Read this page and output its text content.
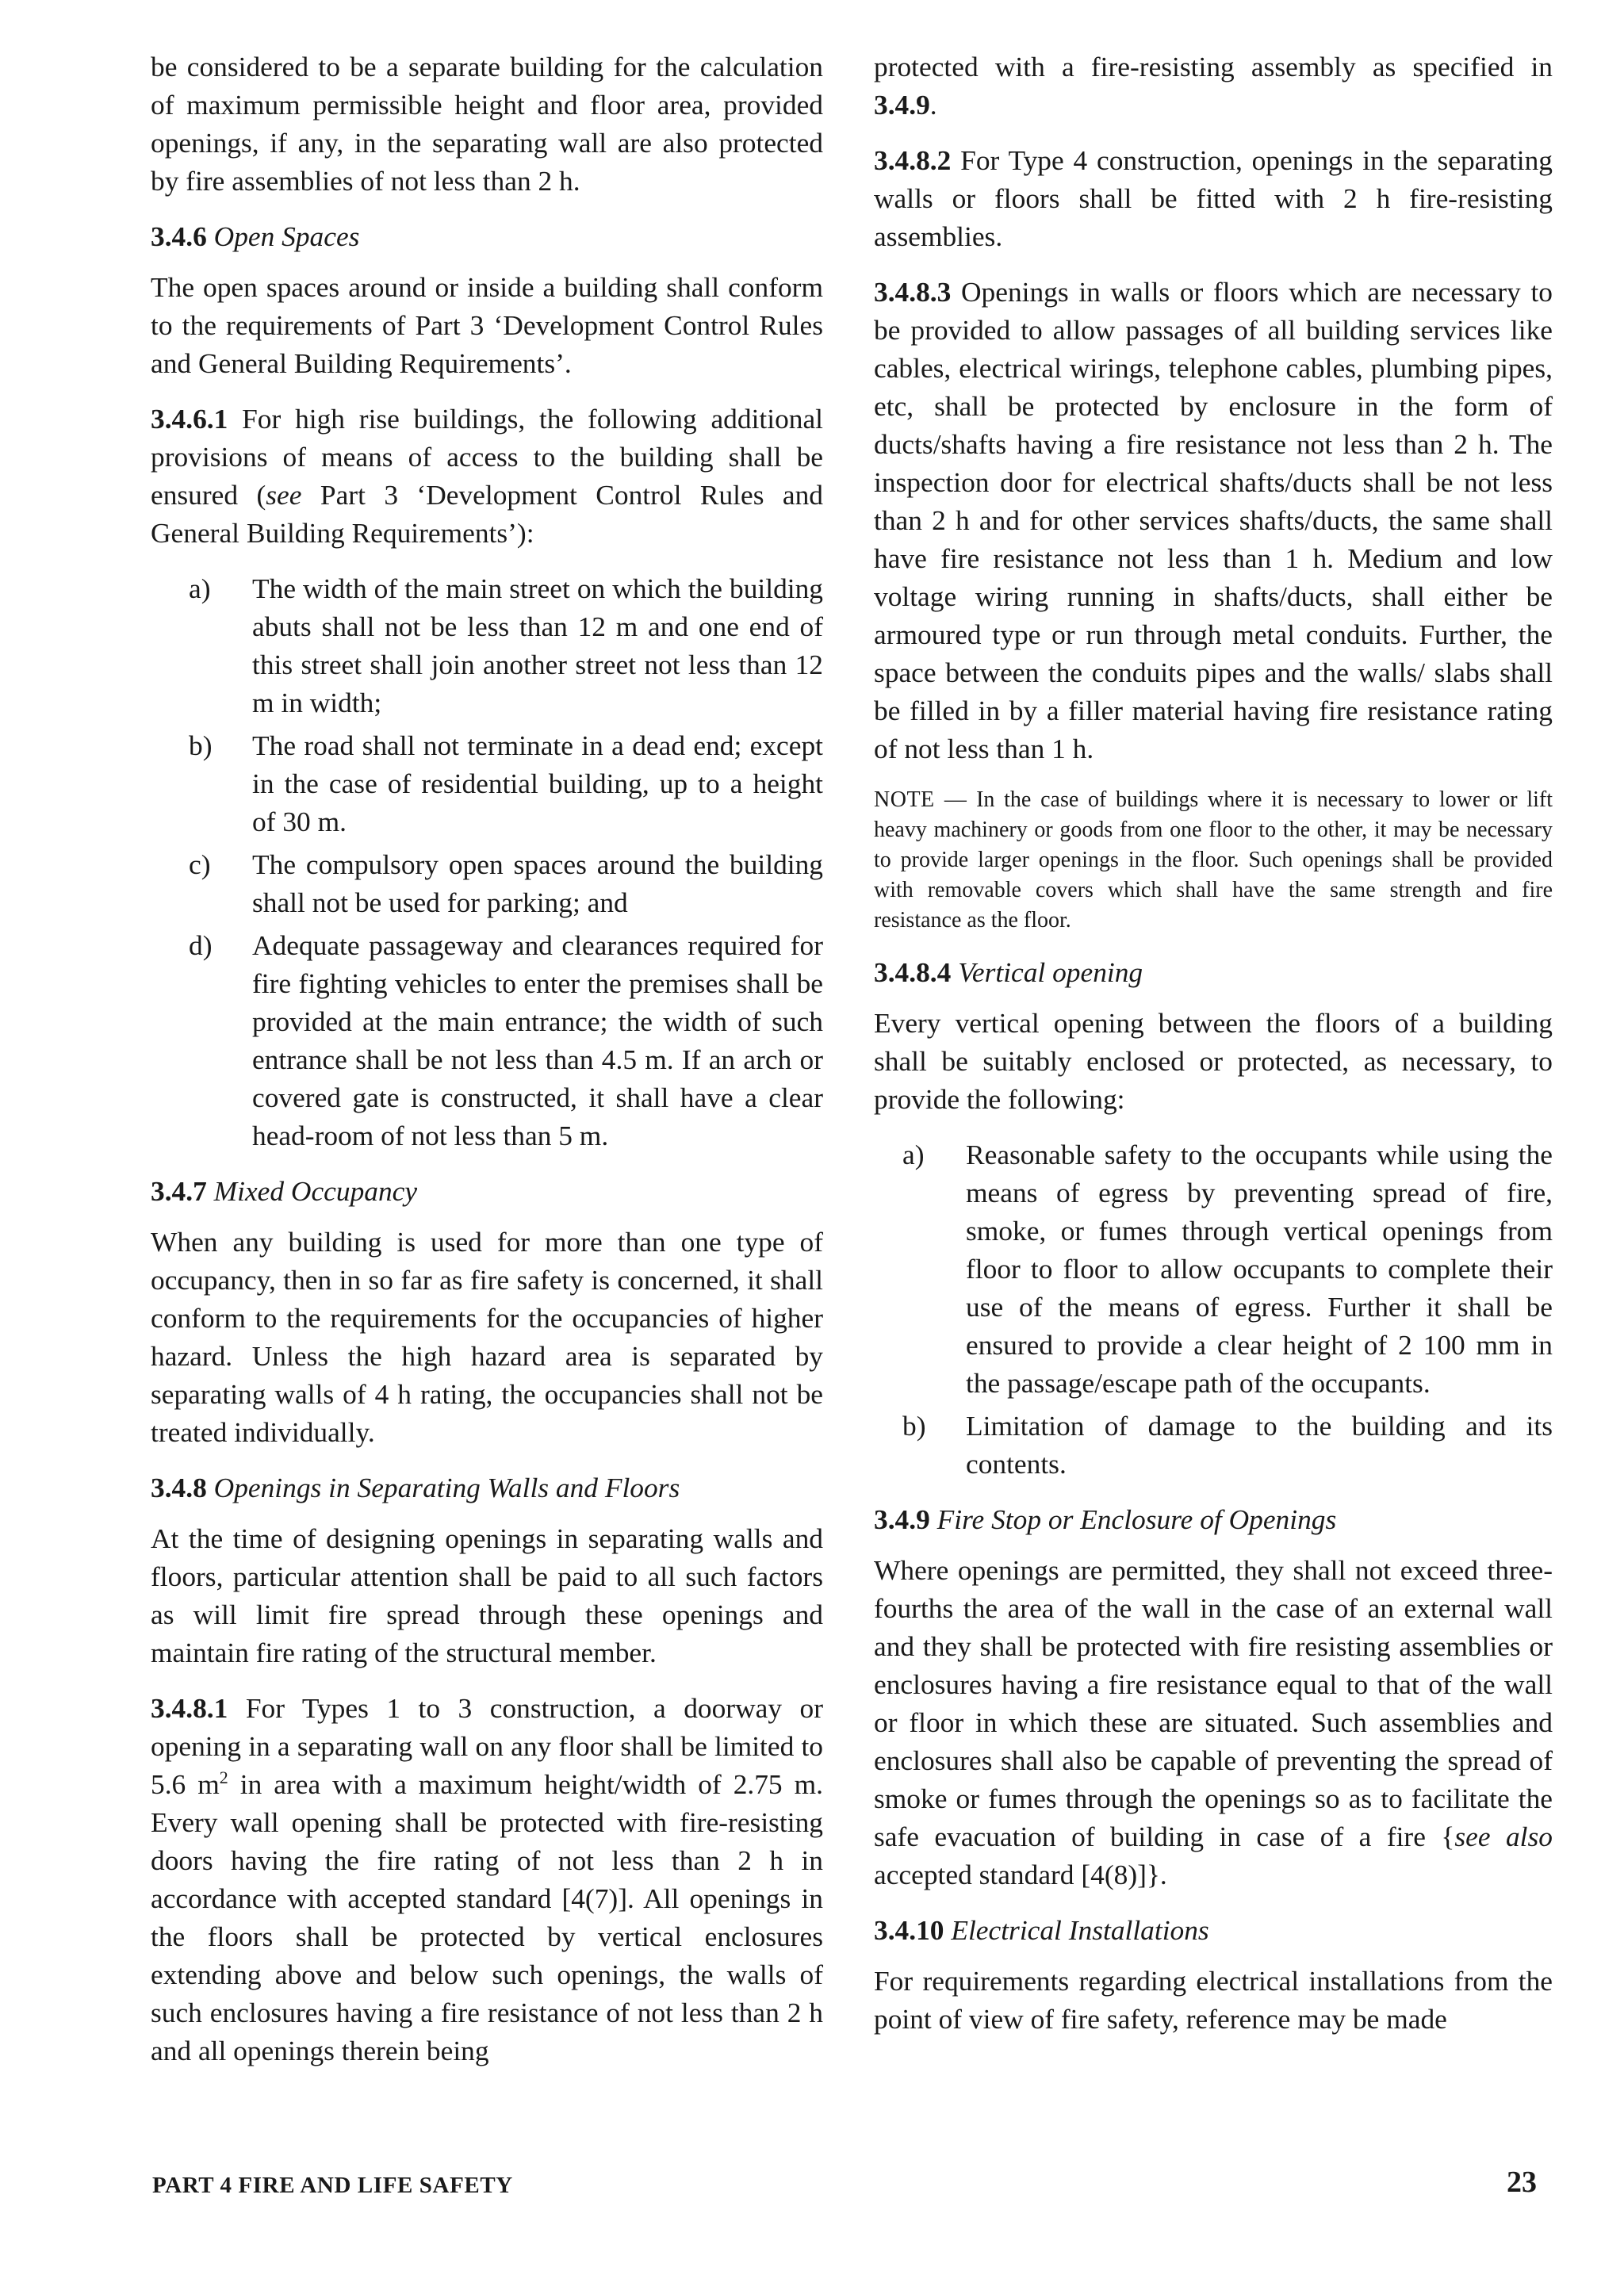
be considered to be a separate building for the calculation of maximum permissible height and floor area, provided openings, if any, in the separating wall are also protected by fire assemblies of not less than 2 h.

3.4.6 Open Spaces

The open spaces around or inside a building shall conform to the requirements of Part 3 ‘Development Control Rules and General Building Requirements’.

3.4.6.1 For high rise buildings, the following additional provisions of means of access to the building shall be ensured (see Part 3 ‘Development Control Rules and General Building Requirements’):

a)	The width of the main street on which the building abuts shall not be less than 12 m and one end of this street shall join another street not less than 12 m in width;
b)	The road shall not terminate in a dead end; except in the case of residential building, up to a height of 30 m.
c)	The compulsory open spaces around the building shall not be used for parking; and
d)	Adequate passageway and clearances required for fire fighting vehicles to enter the premises shall be provided at the main entrance; the width of such entrance shall be not less than 4.5 m. If an arch or covered gate is constructed, it shall have a clear head-room of not less than 5 m.

3.4.7 Mixed Occupancy

When any building is used for more than one type of occupancy, then in so far as fire safety is concerned, it shall conform to the requirements for the occupancies of higher hazard. Unless the high hazard area is separated by separating walls of 4 h rating, the occupancies shall not be treated individually.

3.4.8 Openings in Separating Walls and Floors

At the time of designing openings in separating walls and floors, particular attention shall be paid to all such factors as will limit fire spread through these openings and maintain fire rating of the structural member.

3.4.8.1 For Types 1 to 3 construction, a doorway or opening in a separating wall on any floor shall be limited to 5.6 $m^2$ in area with a maximum height/width of 2.75 m. Every wall opening shall be protected with fire-resisting doors having the fire rating of not less than 2 h in accordance with accepted standard [4(7)]. All openings in the floors shall be protected by vertical enclosures extending above and below such openings, the walls of such enclosures having a fire resistance of not less than 2 h and all openings therein being

protected with a fire-resisting assembly as specified in 3.4.9.

3.4.8.2 For Type 4 construction, openings in the separating walls or floors shall be fitted with 2 h fire-resisting assemblies.

3.4.8.3 Openings in walls or floors which are necessary to be provided to allow passages of all building services like cables, electrical wirings, telephone cables, plumbing pipes, etc, shall be protected by enclosure in the form of ducts/shafts having a fire resistance not less than 2 h. The inspection door for electrical shafts/ducts shall be not less than 2 h and for other services shafts/ducts, the same shall have fire resistance not less than 1 h. Medium and low voltage wiring running in shafts/ducts, shall either be armoured type or run through metal conduits. Further, the space between the conduits pipes and the walls/ slabs shall be filled in by a filler material having fire resistance rating of not less than 1 h.

NOTE — In the case of buildings where it is necessary to lower or lift heavy machinery or goods from one floor to the other, it may be necessary to provide larger openings in the floor. Such openings shall be provided with removable covers which shall have the same strength and fire resistance as the floor.

3.4.8.4 Vertical opening

Every vertical opening between the floors of a building shall be suitably enclosed or protected, as necessary, to provide the following:

a)	Reasonable safety to the occupants while using the means of egress by preventing spread of fire, smoke, or fumes through vertical openings from floor to floor to allow occupants to complete their use of the means of egress. Further it shall be ensured to provide a clear height of 2 100 mm in the passage/escape path of the occupants.
b)	Limitation of damage to the building and its contents.

3.4.9 Fire Stop or Enclosure of Openings

Where openings are permitted, they shall not exceed three-fourths the area of the wall in the case of an external wall and they shall be protected with fire resisting assemblies or enclosures having a fire resistance equal to that of the wall or floor in which these are situated. Such assemblies and enclosures shall also be capable of preventing the spread of smoke or fumes through the openings so as to facilitate the safe evacuation of building in case of a fire {see also accepted standard [4(8)]}.

3.4.10 Electrical Installations

For requirements regarding electrical installations from the point of view of fire safety, reference may be made

PART 4 FIRE AND LIFE SAFETY	23
